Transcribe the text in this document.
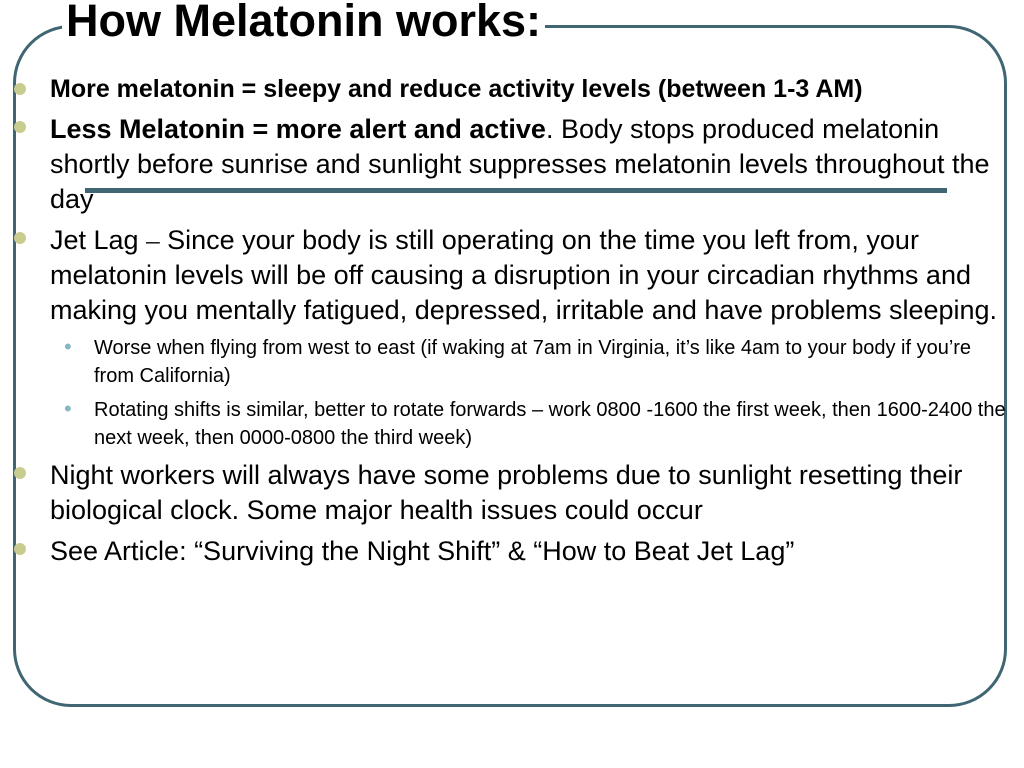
How Melatonin works:
More melatonin = sleepy and reduce activity levels (between 1-3 AM)
Less Melatonin = more alert and active. Body stops produced melatonin shortly before sunrise and sunlight suppresses melatonin levels throughout the day
Jet Lag – Since your body is still operating on the time you left from, your melatonin levels will be off causing a disruption in your circadian rhythms and making you mentally fatigued, depressed, irritable and have problems sleeping.
• Worse when flying from west to east (if waking at 7am in Virginia, it’s like 4am to your body if you’re from California)
• Rotating shifts is similar, better to rotate forwards – work 0800 -1600 the first week, then 1600-2400 the next week, then 0000-0800 the third week)
Night workers will always have some problems due to sunlight resetting their biological clock. Some major health issues could occur
See Article: “Surviving the Night Shift” & “How to Beat Jet Lag”
